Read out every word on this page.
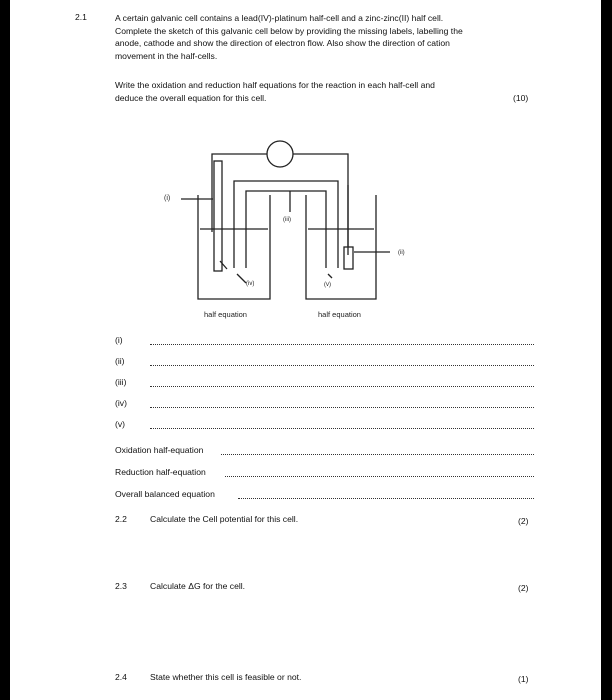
2.1	A certain galvanic cell contains a lead(IV)-platinum half-cell and a zinc-zinc(II) half cell.
Complete the sketch of this galvanic cell below by providing the missing labels, labelling the
anode, cathode and show the direction of electron flow. Also show the direction of cation
movement in the half-cells.
Write the oxidation and reduction half equations for the reaction in each half-cell and
deduce the overall equation for this cell.	(10)
(i)
(ii)
(iii)
(iv)	(v)
half equation	half equation
(i)
(ii)
(iii)
(iv)
(v)
Oxidation half-equation
Reduction half-equation
Overall balanced equation
2.2	Calculate the Cell potential for this cell.	(2)
2.3	Calculate ΔG for the cell.	(2)
2.4	State whether this cell is feasible or not.	(1)
